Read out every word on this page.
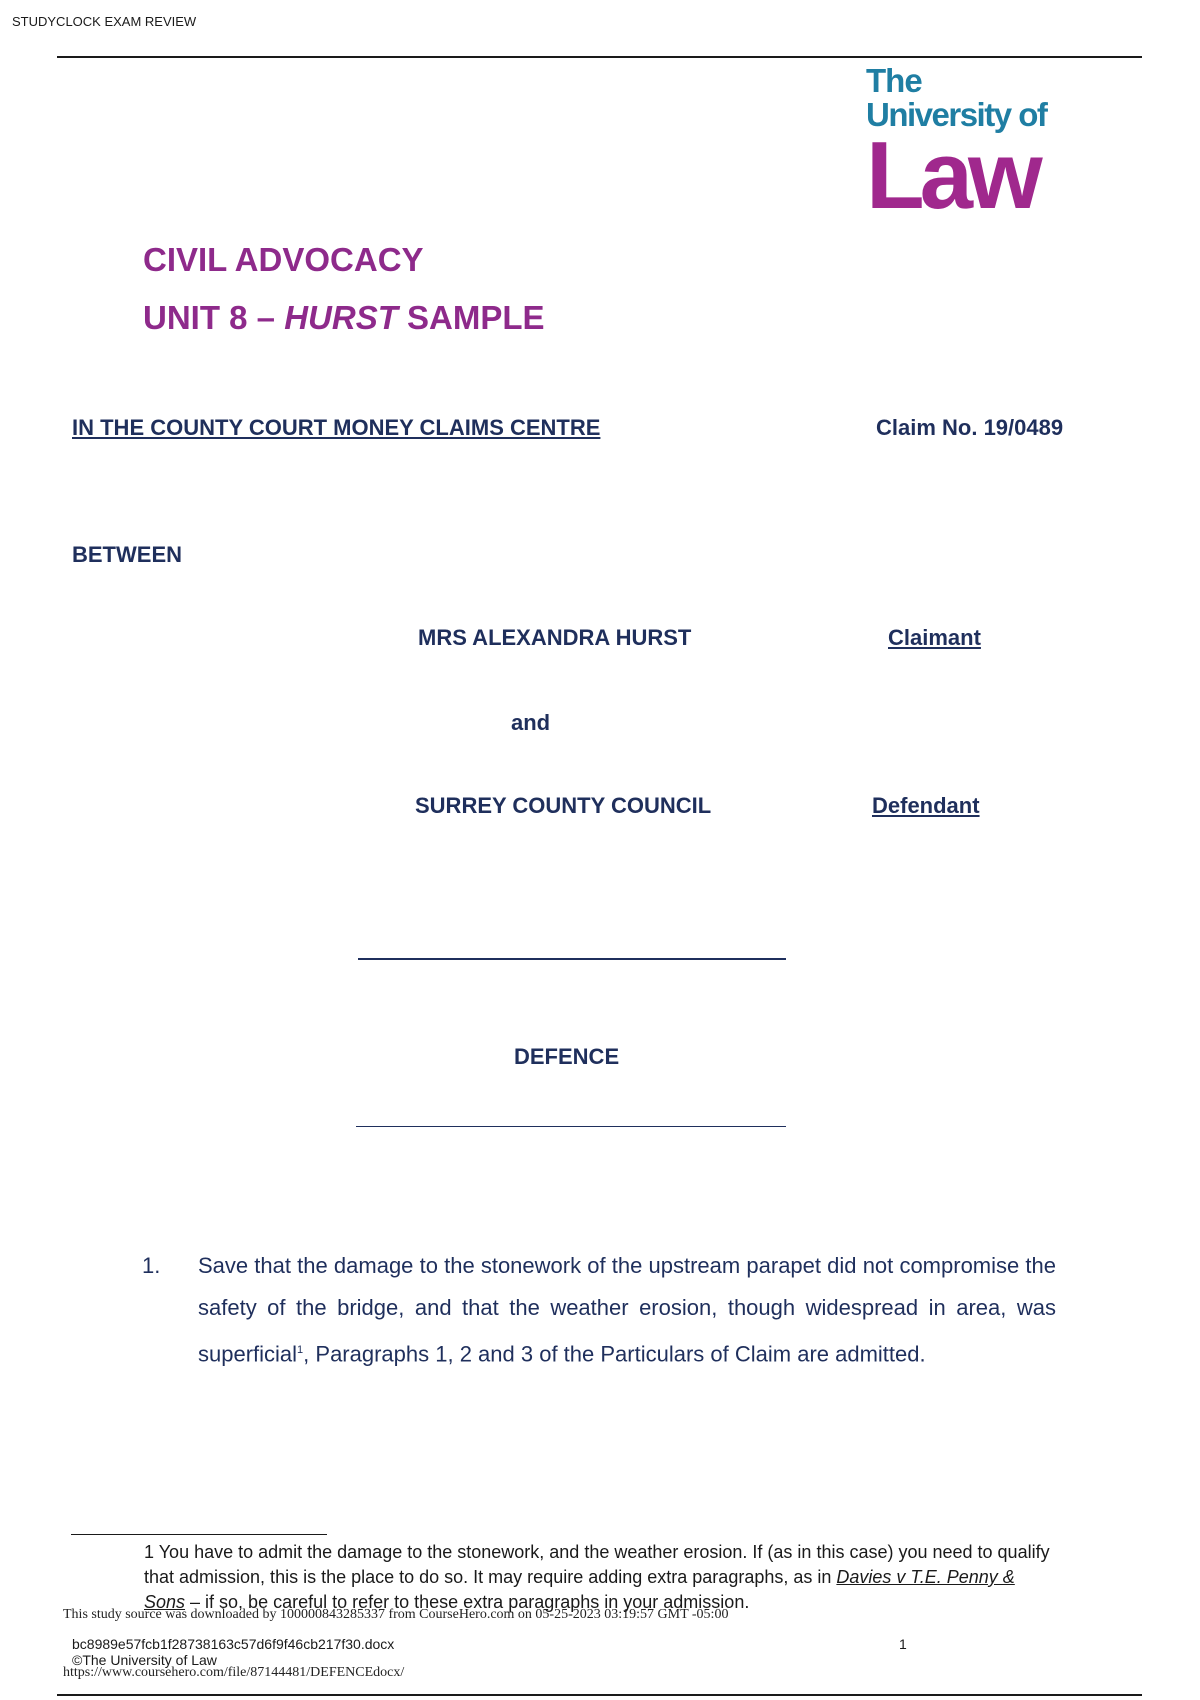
STUDYCLOCK EXAM REVIEW
The
University of
Law
CIVIL ADVOCACY
UNIT 8 – HURST SAMPLE
IN THE COUNTY COURT MONEY CLAIMS CENTRE	Claim No. 19/0489
BETWEEN
MRS ALEXANDRA HURST	Claimant
and
SURREY COUNTY COUNCIL	Defendant
DEFENCE
1. Save that the damage to the stonework of the upstream parapet did not compromise the safety of the bridge, and that the weather erosion, though widespread in area, was superficial$^1$, Paragraphs 1, 2 and 3 of the Particulars of Claim are admitted.
1 You have to admit the damage to the stonework, and the weather erosion. If (as in this case) you need to qualify that admission, this is the place to do so. It may require adding extra paragraphs, as in Davies v T.E. Penny & Sons – if so, be careful to refer to these extra paragraphs in your admission.
This study source was downloaded by 100000843285337 from CourseHero.com on 05-25-2023 03:19:57 GMT -05:00
bc8989e57fcb1f28738163c57d6f9f46cb217f30.docx	1
©The University of Law
https://www.coursehero.com/file/87144481/DEFENCEdocx/
